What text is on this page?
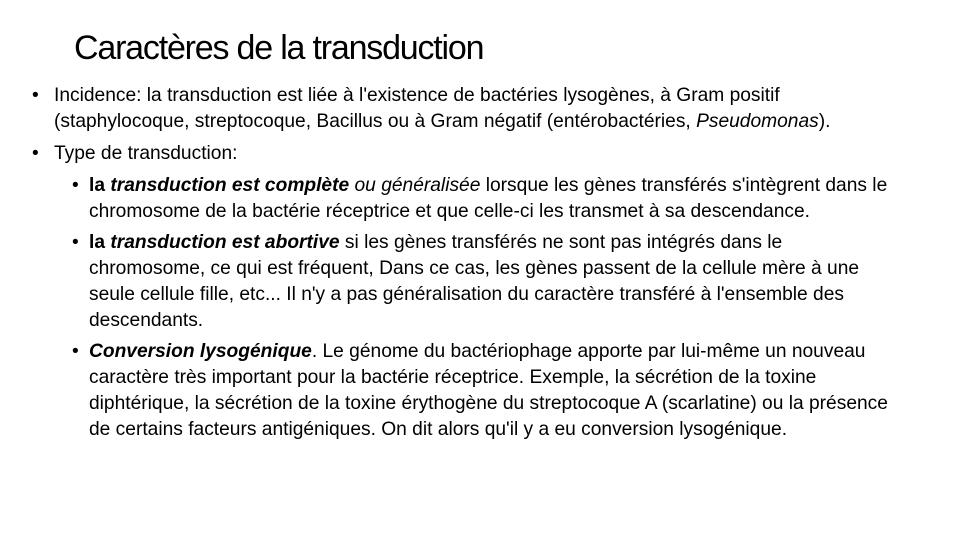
Caractères de la transduction
• Incidence: la transduction est liée à l'existence de bactéries lysogènes, à Gram positif (staphylocoque, streptocoque, Bacillus ou à Gram négatif (entérobactéries, Pseudomonas).
• Type de transduction:
• la transduction est complète ou généralisée lorsque les gènes transférés s'intègrent dans le chromosome de la bactérie réceptrice et que celle-ci les transmet à sa descendance.
• la transduction est abortive si les gènes transférés ne sont pas intégrés dans le chromosome, ce qui est fréquent, Dans ce cas, les gènes passent de la cellule mère à une seule cellule fille, etc... Il n'y a pas généralisation du caractère transféré à l'ensemble des descendants.
• Conversion lysogénique. Le génome du bactériophage apporte par lui-même un nouveau caractère très important pour la bactérie réceptrice. Exemple, la sécrétion de la toxine diphtérique, la sécrétion de la toxine érythogène du streptocoque A (scarlatine) ou la présence de certains facteurs antigéniques. On dit alors qu'il y a eu conversion lysogénique.
